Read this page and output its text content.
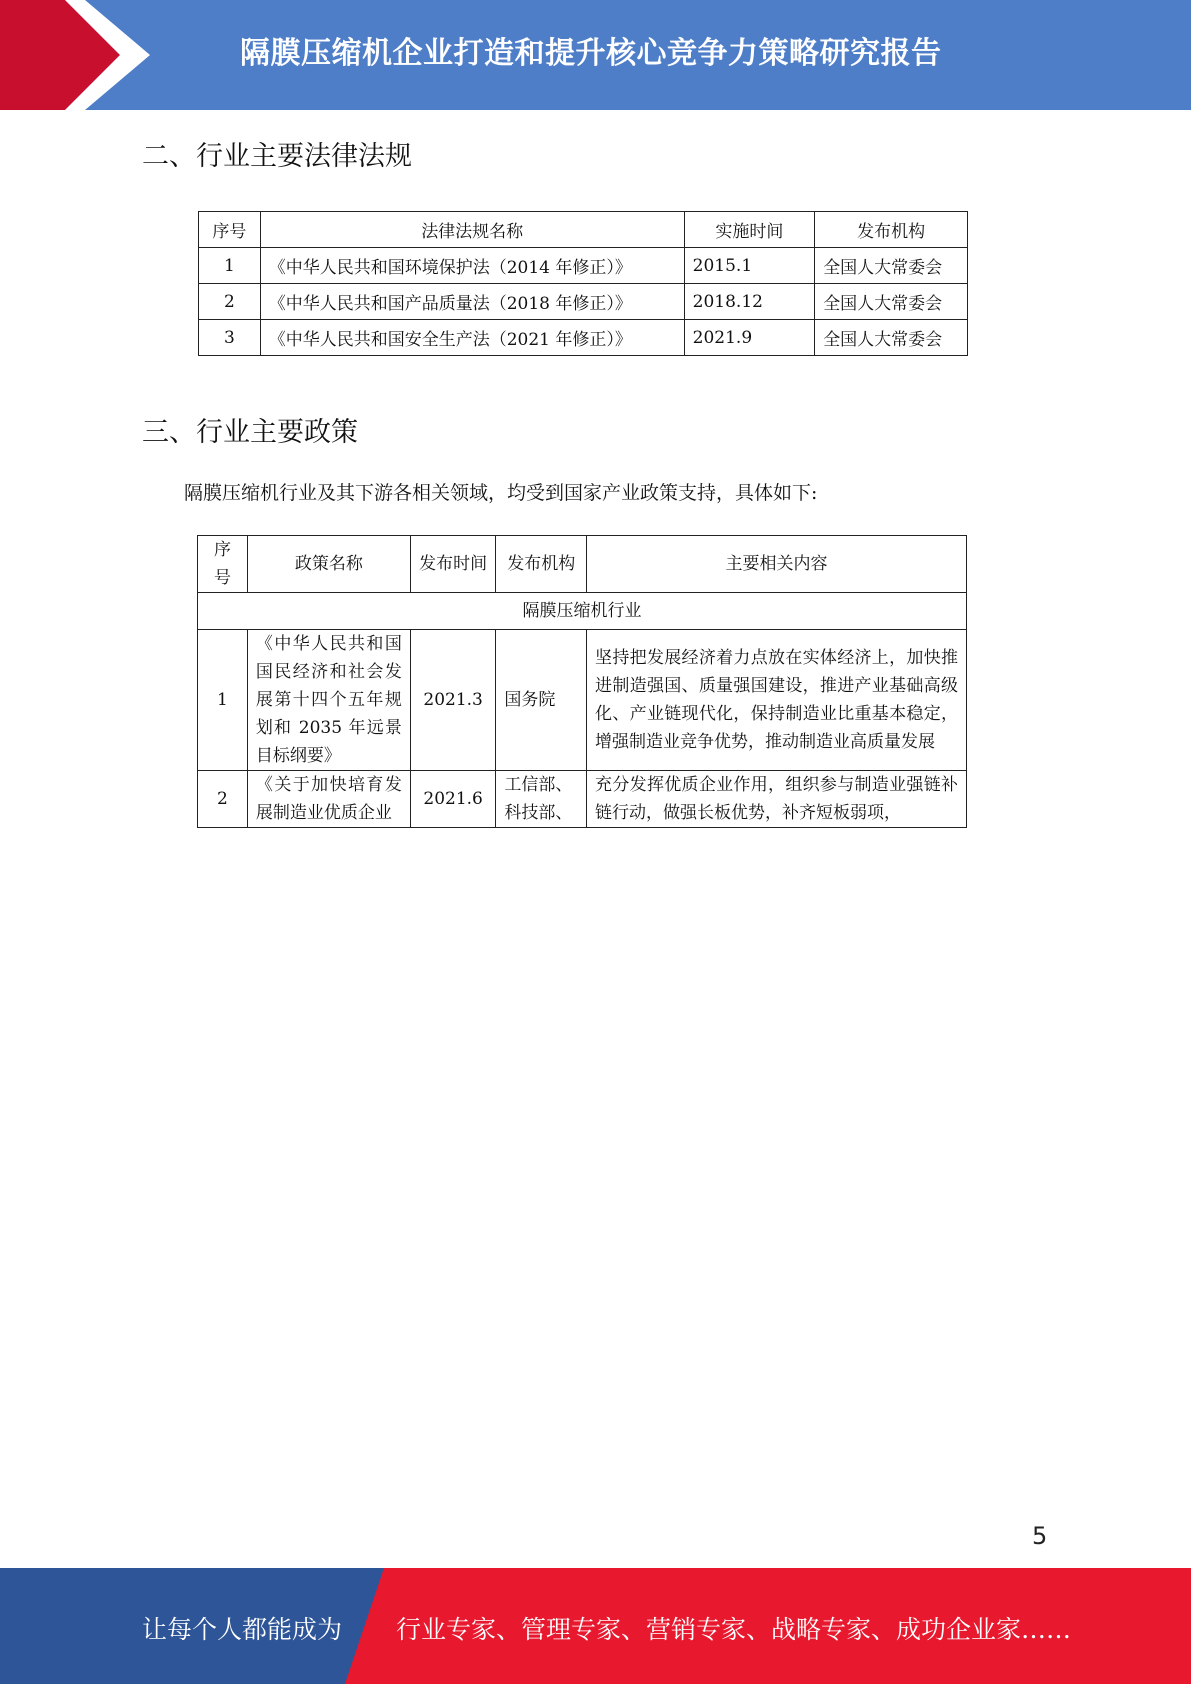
隔膜压缩机企业打造和提升核心竞争力策略研究报告
二、行业主要法律法规
序号	法律法规名称	实施时间	发布机构
1	《中华人民共和国环境保护法（2014 年修正）》	2015.1	全国人大常委会
2	《中华人民共和国产品质量法（2018 年修正）》	2018.12	全国人大常委会
3	《中华人民共和国安全生产法（2021 年修正）》	2021.9	全国人大常委会
三、行业主要政策
隔膜压缩机行业及其下游各相关领域，均受到国家产业政策支持，具体如下:
序号	政策名称	发布时间	发布机构	主要相关内容
隔膜压缩机行业				
1	《中华人民共和国国民经济和社会发展第十四个五年规划和 2035 年远景目标纲要》	2021.3	国务院	坚持把发展经济着力点放在实体经济上，加快推进制造强国、质量强国建设，推进产业基础高级化、产业链现代化，保持制造业比重基本稳定，增强制造业竞争优势，推动制造业高质量发展
2	《关于加快培育发展制造业优质企业	2021.6	工信部、科技部、	充分发挥优质企业作用，组织参与制造业强链补链行动，做强长板优势，补齐短板弱项，
5
让每个人都能成为 行业专家、管理专家、营销专家、战略专家、成功企业家……
